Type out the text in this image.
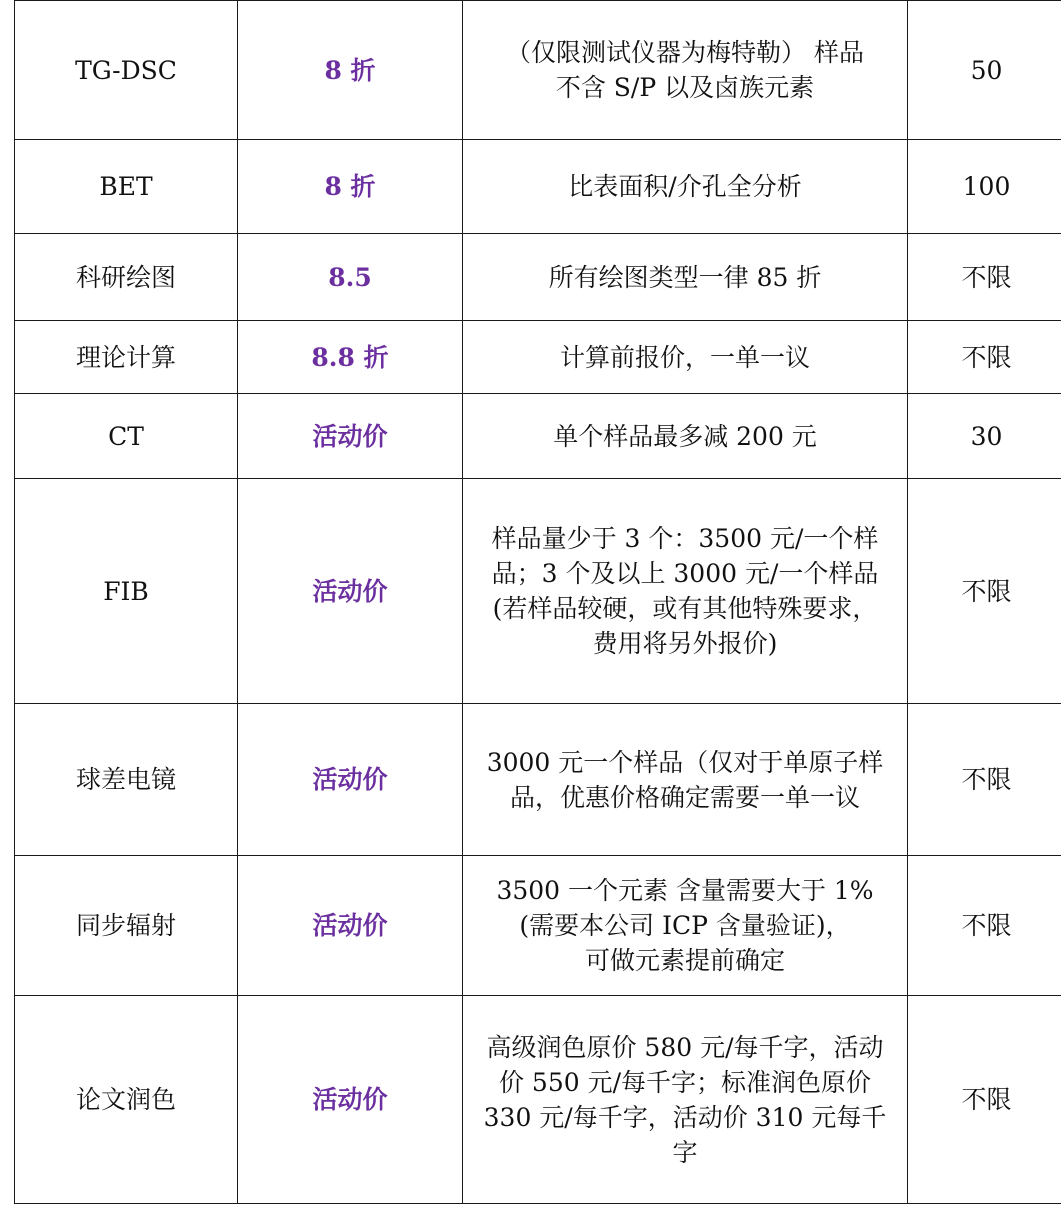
TG-DSC	8 折	（仅限测试仪器为梅特勒） 样品
不含 S/P 以及卤族元素	50
BET	8 折	比表面积/介孔全分析	100
科研绘图	8.5	所有绘图类型一律 85 折	不限
理论计算	8.8 折	计算前报价，一单一议	不限
CT	活动价	单个样品最多减 200 元	30
FIB	活动价	样品量少于 3 个：3500 元/一个样
品；3 个及以上 3000 元/一个样品
(若样品较硬，或有其他特殊要求，
费用将另外报价)	不限
球差电镜	活动价	3000 元一个样品（仅对于单原子样
品，优惠价格确定需要一单一议	不限
同步辐射	活动价	3500 一个元素 含量需要大于 1%
(需要本公司 ICP 含量验证)，
可做元素提前确定	不限
论文润色	活动价	高级润色原价 580 元/每千字，活动
价 550 元/每千字；标准润色原价
330 元/每千字，活动价 310 元每千
字	不限
